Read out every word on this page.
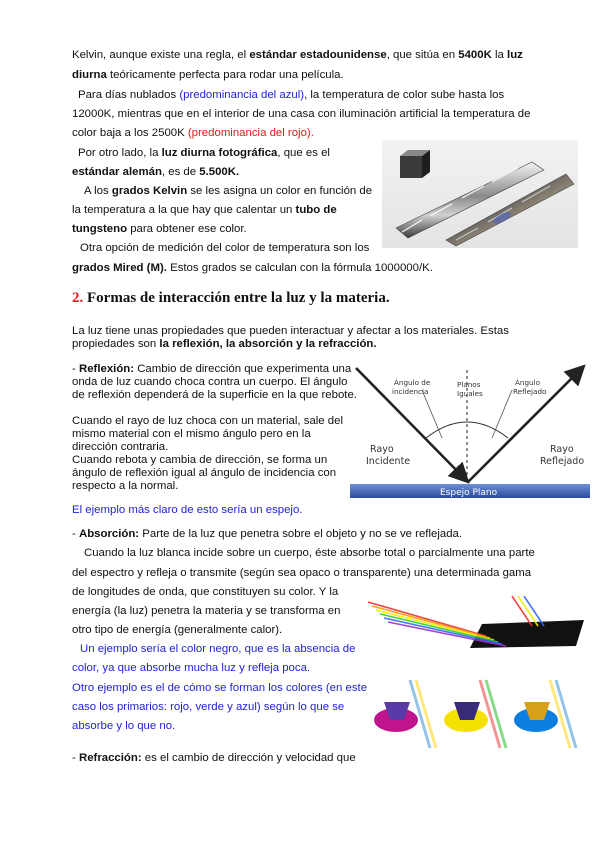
Kelvin, aunque existe una regla, el estándar estadounidense, que sitúa en 5400K la luz
diurna teóricamente perfecta para rodar una película.
Para días nublados (predominancia del azul), la temperatura de color sube hasta los
12000K, mientras que en el interior de una casa con iluminación artificial la temperatura de
color baja a los 2500K (predominancia del rojo).
Por otro lado, la luz diurna fotográfica, que es el
estándar alemán, es de 5.500K.
A los grados Kelvin se les asigna un color en función de
la temperatura a la que hay que calentar un tubo de
tungsteno para obtener ese color.
Otra opción de medición del color de temperatura son los
grados Mired (M). Estos grados se calculan con la fórmula 1000000/K.
2. Formas de interacción entre la luz y la materia.
La luz tiene unas propiedades que pueden interactuar y afectar a los materiales. Estas
propiedades son la reflexión, la absorción y la refracción.
- Reflexión: Cambio de dirección que experimenta una
onda de luz cuando choca contra un cuerpo. El ángulo
de reflexión dependerá de la superficie en la que rebote.
Cuando el rayo de luz choca con un material, sale del
mismo material con el mismo ángulo pero en la
dirección contraria.
Cuando rebota y cambia de dirección, se forma un
ángulo de reflexión igual al ángulo de incidencia con
respecto a la normal.
El ejemplo más claro de esto sería un espejo.
Ángulo de incidencia Planos Iguales Ángulo Reflejado
Rayo Incidente Rayo Reflejado
Espejo Plano
- Absorción: Parte de la luz que penetra sobre el objeto y no se ve reflejada.
Cuando la luz blanca incide sobre un cuerpo, éste absorbe total o parcialmente una parte
del espectro y refleja o transmite (según sea opaco o transparente) una determinada gama
de longitudes de onda, que constituyen su color. Y la
energía (la luz) penetra la materia y se transforma en
otro tipo de energía (generalmente calor).
Un ejemplo sería el color negro, que es la absencia de
color, ya que absorbe mucha luz y refleja poca.
Otro ejemplo es el de cómo se forman los colores (en este
caso los primarios: rojo, verde y azul) según lo que se
absorbe y lo que no.
- Refracción: es el cambio de dirección y velocidad que
